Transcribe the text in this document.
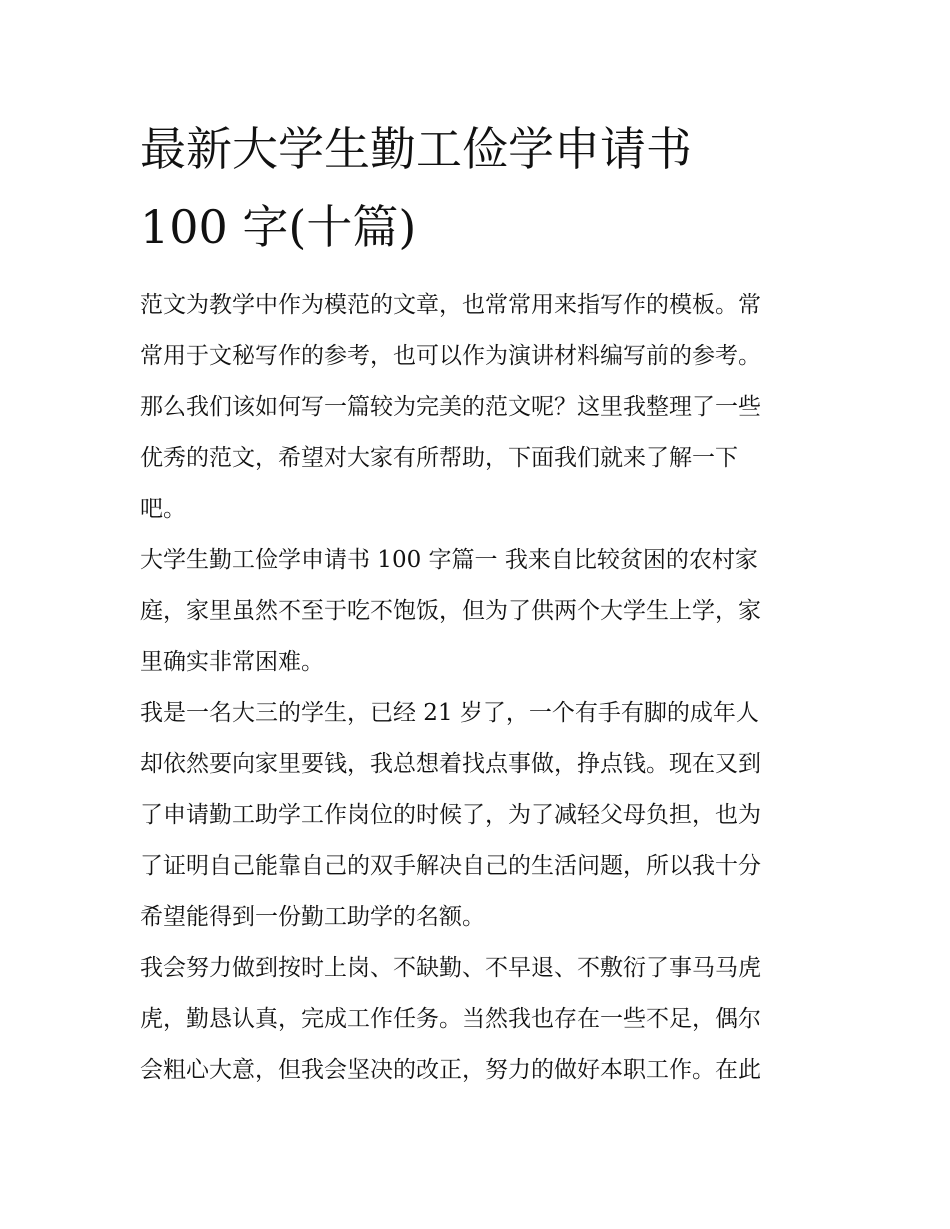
最新大学生勤工俭学申请书
100 字(十篇)

范文为教学中作为模范的文章，也常常用来指写作的模板。常
常用于文秘写作的参考，也可以作为演讲材料编写前的参考。
那么我们该如何写一篇较为完美的范文呢？这里我整理了一些
优秀的范文，希望对大家有所帮助，下面我们就来了解一下
吧。

大学生勤工俭学申请书 100 字篇一 我来自比较贫困的农村家
庭，家里虽然不至于吃不饱饭，但为了供两个大学生上学，家
里确实非常困难。

我是一名大三的学生，已经 21 岁了，一个有手有脚的成年人
却依然要向家里要钱，我总想着找点事做，挣点钱。现在又到
了申请勤工助学工作岗位的时候了，为了减轻父母负担，也为
了证明自己能靠自己的双手解决自己的生活问题，所以我十分
希望能得到一份勤工助学的名额。

我会努力做到按时上岗、不缺勤、不早退、不敷衍了事马马虎
虎，勤恳认真，完成工作任务。当然我也存在一些不足，偶尔
会粗心大意，但我会坚决的改正，努力的做好本职工作。在此
